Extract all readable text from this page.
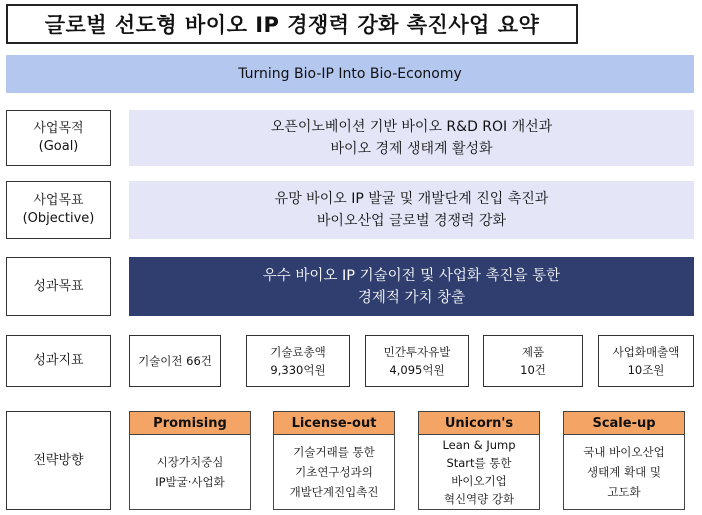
글로벌 선도형 바이오 IP 경쟁력 강화 촉진사업 요약
Turning Bio-IP Into Bio-Economy
사업목적
(Goal)
오픈이노베이션 기반 바이오 R&D ROI 개선과
바이오 경제 생태계 활성화
사업목표
(Objective)
유망 바이오 IP 발굴 및 개발단계 진입 촉진과
바이오산업 글로벌 경쟁력 강화
성과목표
우수 바이오 IP 기술이전 및 사업화 촉진을 통한
경제적 가치 창출
성과지표	기술이전 66건
기술료총액
9,330억원
민간투자유발
4,095억원
제품
10건
사업화매출액
10조원
전략방향
Promising
시장가치중심
IP발굴·사업화
License-out
기술거래를 통한
기초연구성과의
개발단계진입촉진
Unicorn's
Lean & Jump
Start를 통한
바이오기업
혁신역량 강화
Scale-up
국내 바이오산업
생태계 확대 및
고도화
